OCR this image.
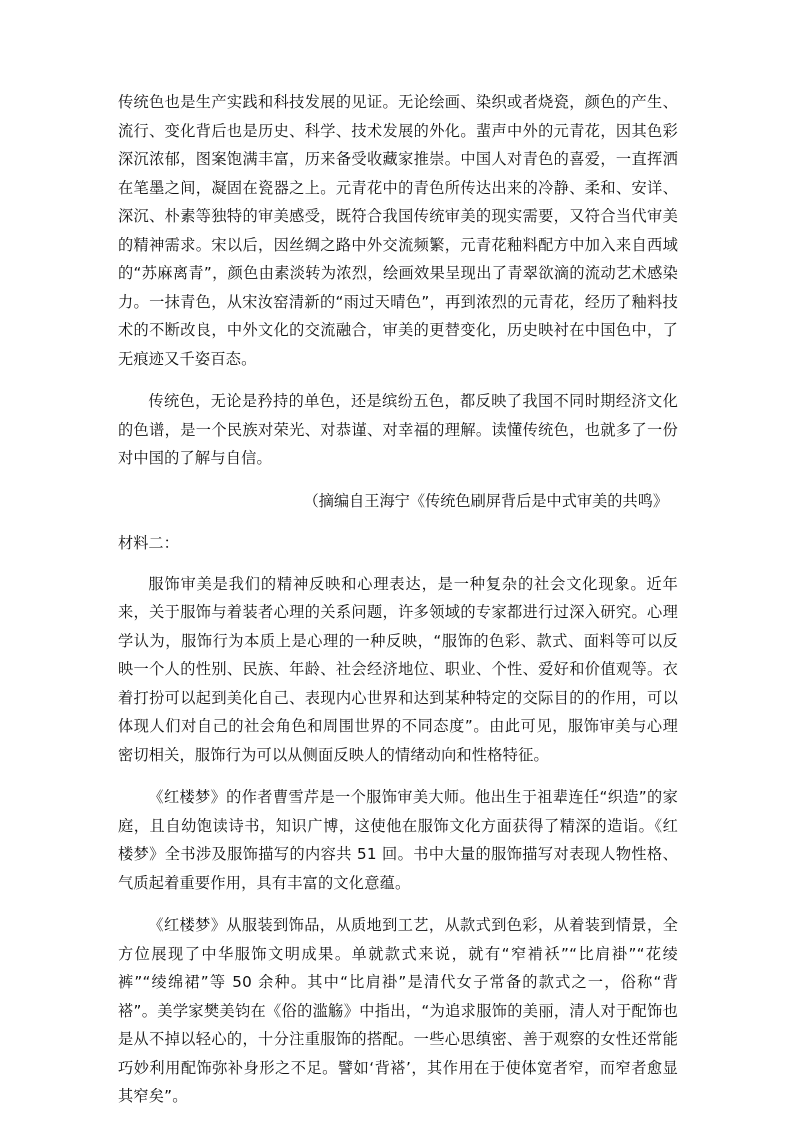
传统色也是生产实践和科技发展的见证。无论绘画、染织或者烧瓷，颜色的产生、流行、变化背后也是历史、科学、技术发展的外化。蜚声中外的元青花，因其色彩深沉浓郁，图案饱满丰富，历来备受收藏家推崇。中国人对青色的喜爱，一直挥洒在笔墨之间，凝固在瓷器之上。元青花中的青色所传达出来的冷静、柔和、安详、深沉、朴素等独特的审美感受，既符合我国传统审美的现实需要，又符合当代审美的精神需求。宋以后，因丝绸之路中外交流频繁，元青花釉料配方中加入来自西域的“苏麻离青”，颜色由素淡转为浓烈，绘画效果呈现出了青翠欲滴的流动艺术感染力。一抹青色，从宋汝窑清新的“雨过天晴色”，再到浓烈的元青花，经历了釉料技术的不断改良，中外文化的交流融合，审美的更替变化，历史映衬在中国色中，了无痕迹又千姿百态。

传统色，无论是矜持的单色，还是缤纷五色，都反映了我国不同时期经济文化的色谱，是一个民族对荣光、对恭谨、对幸福的理解。读懂传统色，也就多了一份对中国的了解与自信。

（摘编自王海宁《传统色刷屏背后是中式审美的共鸣》

材料二：

服饰审美是我们的精神反映和心理表达，是一种复杂的社会文化现象。近年来，关于服饰与着装者心理的关系问题，许多领域的专家都进行过深入研究。心理学认为，服饰行为本质上是心理的一种反映，“服饰的色彩、款式、面料等可以反映一个人的性别、民族、年龄、社会经济地位、职业、个性、爱好和价值观等。衣着打扮可以起到美化自己、表现内心世界和达到某种特定的交际目的的作用，可以体现人们对自己的社会角色和周围世界的不同态度”。由此可见，服饰审美与心理密切相关，服饰行为可以从侧面反映人的情绪动向和性格特征。

《红楼梦》的作者曹雪芹是一个服饰审美大师。他出生于祖辈连任“织造”的家庭，且自幼饱读诗书，知识广博，这使他在服饰文化方面获得了精深的造诣。《红楼梦》全书涉及服饰描写的内容共 51 回。书中大量的服饰描写对表现人物性格、气质起着重要作用，具有丰富的文化意蕴。

《红楼梦》从服装到饰品，从质地到工艺，从款式到色彩，从着装到情景，全方位展现了中华服饰文明成果。单就款式来说，就有“窄褃袄”“比肩褂”“花绫裤”“绫绵裙”等 50 余种。其中“比肩褂”是清代女子常备的款式之一，俗称“背褡”。美学家樊美钧在《俗的滥觞》中指出，“为追求服饰的美丽，清人对于配饰也是从不掉以轻心的，十分注重服饰的搭配。一些心思缜密、善于观察的女性还常能巧妙利用配饰弥补身形之不足。譬如‘背褡’，其作用在于使体宽者窄，而窄者愈显其窄矣”。
